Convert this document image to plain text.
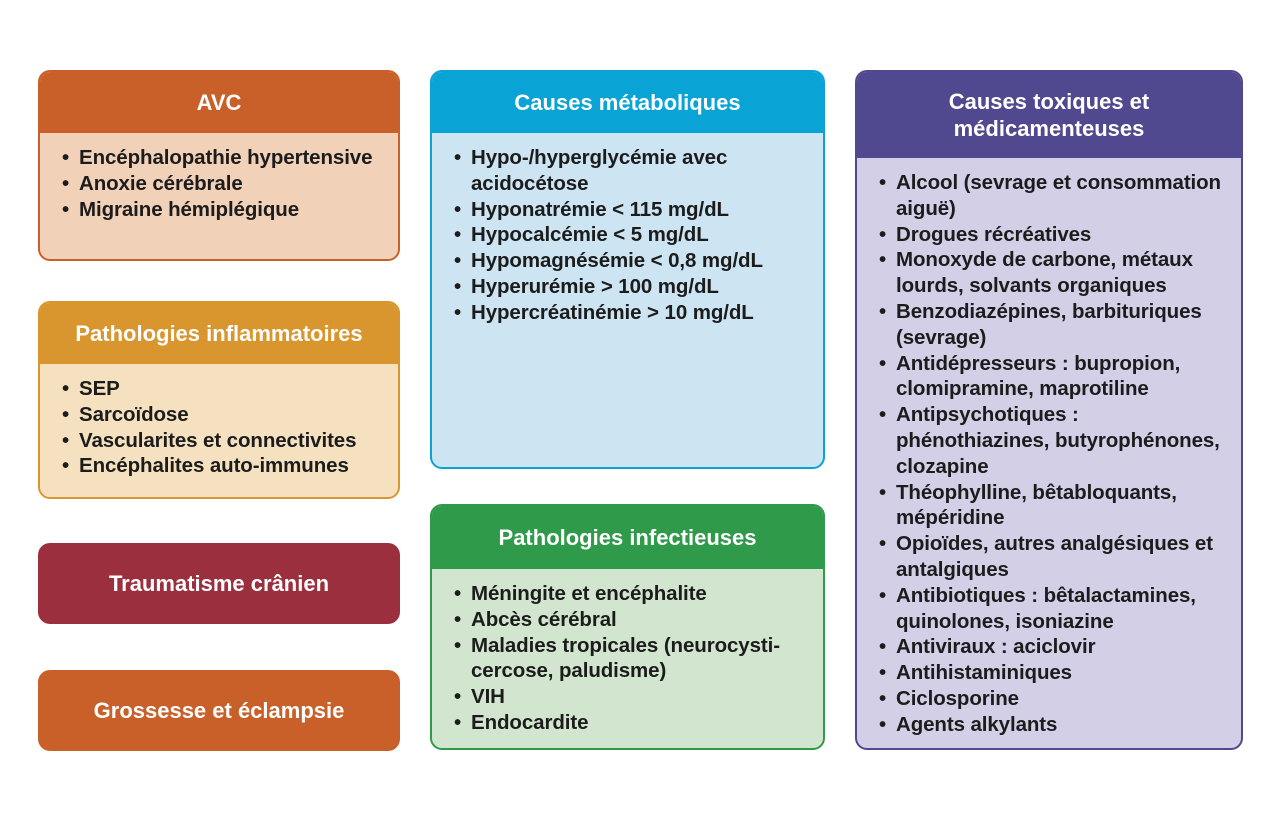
AVC
• Encéphalopathie hypertensive
• Anoxie cérébrale
• Migraine hémiplégique
Pathologies inflammatoires
• SEP
• Sarcoïdose
• Vascularites et connectivites
• Encéphalites auto-immunes
Traumatisme crânien
Grossesse et éclampsie
Causes métaboliques
• Hypo-/hyperglycémie avec acidocétose
• Hyponatrémie < 115 mg/dL
• Hypocalcémie < 5 mg/dL
• Hypomagnésémie < 0,8 mg/dL
• Hyperurémie > 100 mg/dL
• Hypercréatinémie > 10 mg/dL
Pathologies infectieuses
• Méningite et encéphalite
• Abcès cérébral
• Maladies tropicales (neurocysti-cercose, paludisme)
• VIH
• Endocardite
Causes toxiques et médicamenteuses
• Alcool (sevrage et consommation aiguë)
• Drogues récréatives
• Monoxyde de carbone, métaux lourds, solvants organiques
• Benzodiazépines, barbituriques (sevrage)
• Antidépresseurs : bupropion, clomipramine, maprotiline
• Antipsychotiques : phénothiazines, butyrophénones, clozapine
• Théophylline, bêtabloquants, mépéridine
• Opioïdes, autres analgésiques et antalgiques
• Antibiotiques : bêtalactamines, quinolones, isoniazine
• Antiviraux : aciclovir
• Antihistaminiques
• Ciclosporine
• Agents alkylants
